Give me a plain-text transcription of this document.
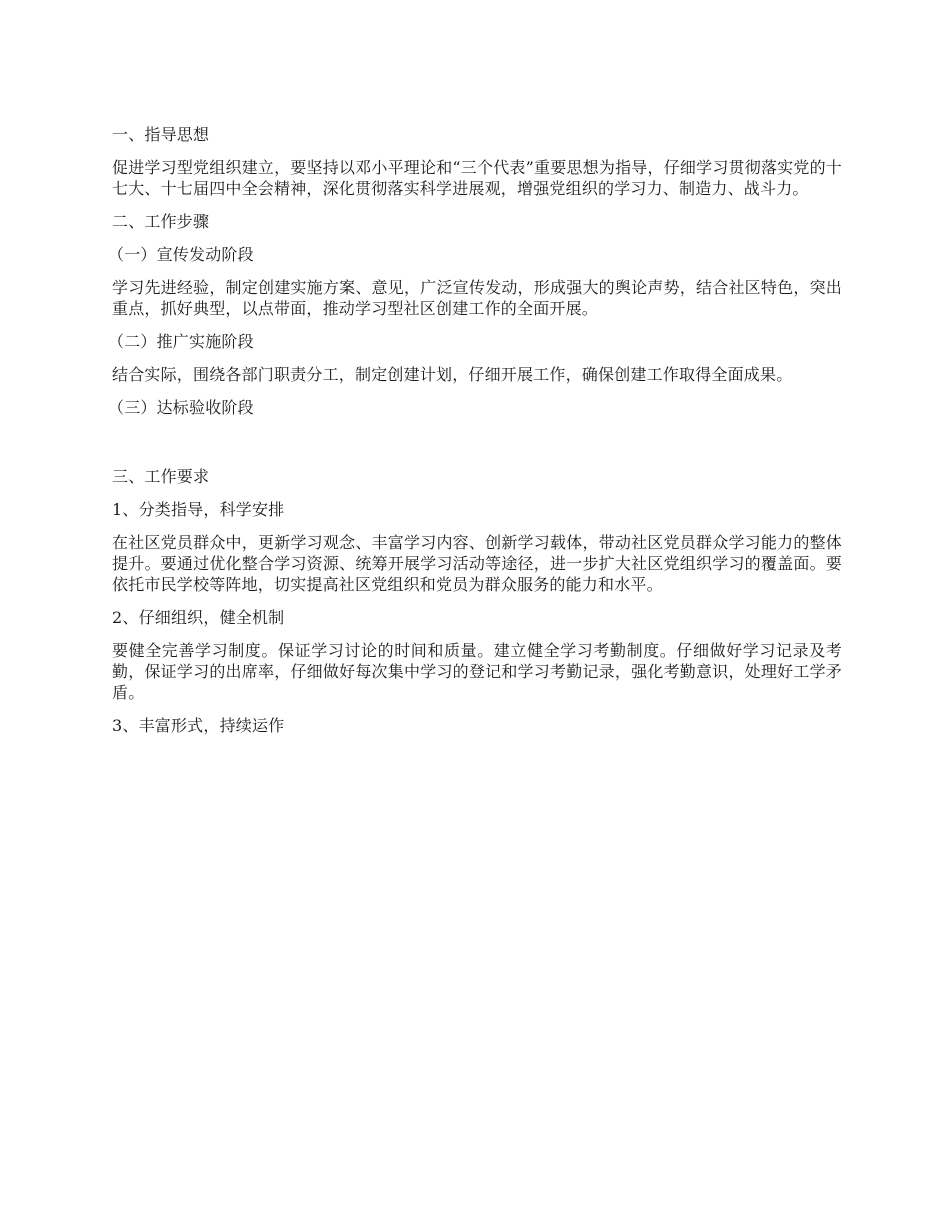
一、指导思想

促进学习型党组织建立，要坚持以邓小平理论和“三个代表”重要思想为指导，仔细学习贯彻落实党的十七大、十七届四中全会精神，深化贯彻落实科学进展观，增强党组织的学习力、制造力、战斗力。

二、工作步骤

（一）宣传发动阶段

学习先进经验，制定创建实施方案、意见，广泛宣传发动，形成强大的舆论声势，结合社区特色，突出重点，抓好典型，以点带面，推动学习型社区创建工作的全面开展。

（二）推广实施阶段

结合实际，围绕各部门职责分工，制定创建计划，仔细开展工作，确保创建工作取得全面成果。

（三）达标验收阶段

三、工作要求

1、分类指导，科学安排

在社区党员群众中，更新学习观念、丰富学习内容、创新学习载体，带动社区党员群众学习能力的整体提升。要通过优化整合学习资源、统筹开展学习活动等途径，进一步扩大社区党组织学习的覆盖面。要依托市民学校等阵地，切实提高社区党组织和党员为群众服务的能力和水平。

2、仔细组织，健全机制

要健全完善学习制度。保证学习讨论的时间和质量。建立健全学习考勤制度。仔细做好学习记录及考勤，保证学习的出席率，仔细做好每次集中学习的登记和学习考勤记录，强化考勤意识，处理好工学矛盾。

3、丰富形式，持续运作
